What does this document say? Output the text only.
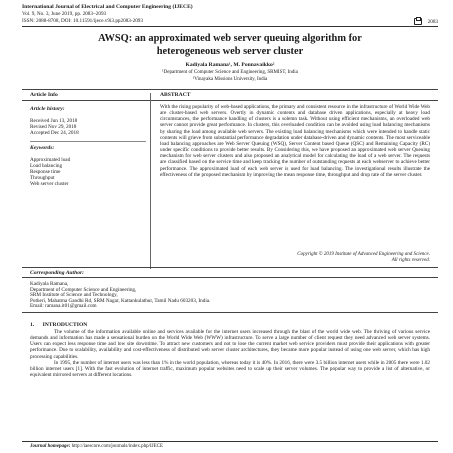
International Journal of Electrical and Computer Engineering (IJECE)
Vol. 9, No. 3, June 2019, pp. 2083~2093
ISSN: 2088-8708, DOI: 10.11591/ijece.v9i3.pp2083-2093	2083
AWSQ: an approximated web server queuing algorithm for
heterogeneous web server cluster
Kadiyala Ramana¹, M. Ponnavaikko²
¹Department of Computer Science and Engineering, SRMIST, India
²Vinayaka Missions University, India
Article Info	ABSTRACT
Article history:
Received Jun 13, 2018
Revised Nov 29, 2018
Accepted Dec 24, 2018
Keywords:
Approximated load
Load balancing
Response time
Throughput
Web server cluster

With the rising popularity of web-based applications, the primary and consistent resource in the infrastructure of World Wide Web are cluster-based web servers. Overtly in dynamic contents and database driven applications, especially at heavy load circumstances, the performance handling of clusters is a solemn task. Without using efficient mechanisms, an overloaded web server cannot provide great performance. In clusters, this overloaded condition can be avoided using load balancing mechanisms by sharing the load among available web servers. The existing load balancing mechanisms which were intended to handle static contents will grieve from substantial performance degradation under database-driven and dynamic contents. The most serviceable load balancing approaches are Web Server Queuing (WSQ), Server Content based Queue (QSC) and Remaining Capacity (RC) under specific conditions to provide better results. By Considering this, we have proposed an approximated web server Queuing mechanism for web server clusters and also proposed an analytical model for calculating the load of a web server. The requests are classified based on the service time and keep tracking the number of outstanding requests at each webserver to achieve better performance. The approximated load of each web server is used for load balancing. The investigational results illustrate the effectiveness of the proposed mechanism by improving the mean response time, throughput and drop rate of the server cluster.

Copyright © 2019 Institute of Advanced Engineering and Science.
All rights reserved.
Corresponding Author:
Kadiyala Ramana,
Department of Computer Science and Engineering,
SRM Institute of Science and Technology,
Journal homepage: http://iaescore.com/journals/index.php/IJECE
Potheri, Mahatma Gandhi Rd, SRM Nagar, Kattankulathur, Tamil Nadu 603203, India.
Email: ramana.it01@gmail.com
1.      INTRODUCTION

The volume of the information available online and services available for the internet users increased through the blast of the world wide web. The thriving of various service demands and information has made a sensational burden on the World Wide Web (WWW) infrastructure. To serve a large number of client request they need advanced web server systems. Users can expect less response time and low site downtime. To attract new customers and not to lose the current market web service providers must provide their applications with greater performance. Due to scalability, availability and cost-effectiveness of distributed web server cluster architectures, they became more popular instead of using one web server, which has high processing capabilities.

In 1995, the number of internet users was less than 1% in the world population, whereas today it is 40%. In 2016, there were 3.5 billion internet users while in 2005 there were 1.02 billion internet users [1]. With the fast evolution of internet traffic, maximum popular websites need to scale up their server volumes. The popular way to provide a list of alternative, or equivalent mirrored servers at different locations.
